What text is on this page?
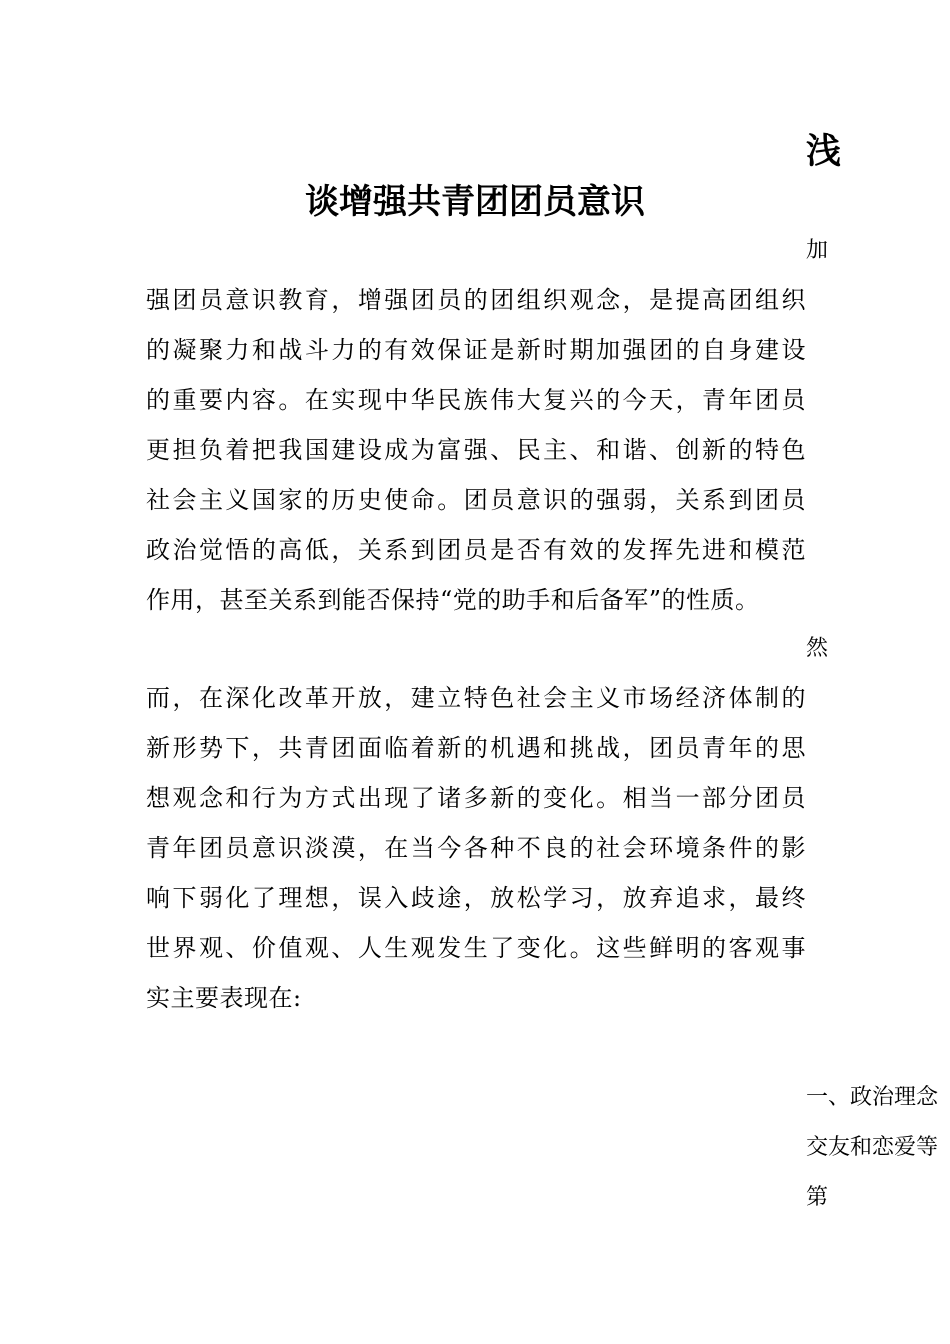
浅
谈增强共青团团员意识
加
强团员意识教育，增强团员的团组织观念，是提高团组织
的凝聚力和战斗力的有效保证是新时期加强团的自身建设
的重要内容。在实现中华民族伟大复兴的今天，青年团员
更担负着把我国建设成为富强、民主、和谐、创新的特色
社会主义国家的历史使命。团员意识的强弱，关系到团员
政治觉悟的高低，关系到团员是否有效的发挥先进和模范
作用，甚至关系到能否保持“党的助手和后备军”的性质。
然
而，在深化改革开放，建立特色社会主义市场经济体制的
新形势下，共青团面临着新的机遇和挑战，团员青年的思
想观念和行为方式出现了诸多新的变化。相当一部分团员
青年团员意识淡漠，在当今各种不良的社会环境条件的影
响下弱化了理想，误入歧途，放松学习，放弃追求，最终
世界观、价值观、人生观发生了变化。这些鲜明的客观事
实主要表现在:
一、政治理念
交友和恋爱等
第
